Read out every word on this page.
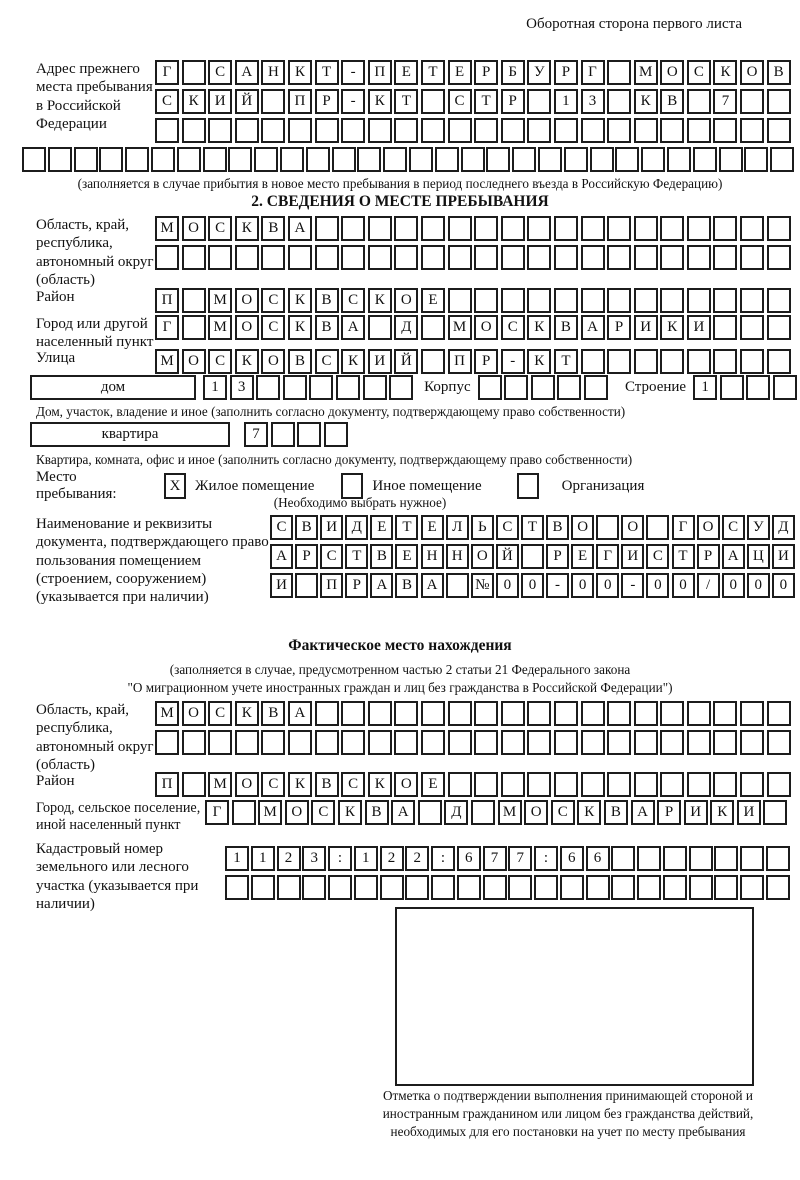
Оборотная сторона первого листа
Адрес прежнего места пребывания в Российской Федерации
Г	С	А	Н	К	Т	-	П	Е	Т	Е	Р	Б	У	Р	Г	М О	С	К	О	В
С	К	И	Й	П	Р	-	К	Т	С	Т	Р	1	3	К	В	7
(заполняется в случае прибытия в новое место пребывания в период последнего въезда в Российскую Федерацию)
2. СВЕДЕНИЯ О МЕСТЕ ПРЕБЫВАНИЯ
Область, край, республика, автономный округ (область)
М О	С	К	В	А
Район	П	М О	С	К	В	С	К	О	Е
Город или другой населенный пункт
Г	М О	С	К	В	А	Д	М О	С	К	В	А	Р	И	К	И
Улица	М О	С	К	О	В	С	К	И	Й	П	Р	-	К	Т
дом	1	3	Корпус	Строение	1
Дом, участок, владение и иное (заполнить согласно документу, подтверждающему право собственности)
квартира	7
Квартира, комната, офис и иное (заполнить согласно документу, подтверждающему право собственности)
Место пребывания:
X Жилое помещение	Иное помещение	Организация
(Необходимо выбрать нужное)
Наименование и реквизиты документа, подтверждающего право пользования помещением (строением, сооружением) (указывается при наличии)
С	В И Д	Е	Т	Е	Л	Ь	С	Т	В О	О	Г	О С У Д
А	Р	С	Т	В	Е	Н Н О Й	Р	Е	Г	И С	Т	Р	А Ц И
И	П	Р	А В А	№ 0	0	-	0	0	-	0	0	/	0	0	0
Фактическое место нахождения
(заполняется в случае, предусмотренном частью 2 статьи 21 Федерального закона
"О миграционном учете иностранных граждан и лиц без гражданства в Российской Федерации")
Область, край, республика, автономный округ (область)
М О	С	К	В	А
Район	П	М О	С	К	В	С	К	О	Е
Город, сельское поселение, иной населенный пункт
Г	М О	С	К	В	А	Д	М О	С	К	В	А	Р	И	К	И
Кадастровый номер земельного или лесного участка (указывается при наличии)
1	1	2	3	:	1	2	2	:	6	7	7	:	6	6
Отметка о подтверждении выполнения принимающей стороной и иностранным гражданином или лицом без гражданства действий, необходимых для его постановки на учет по месту пребывания
